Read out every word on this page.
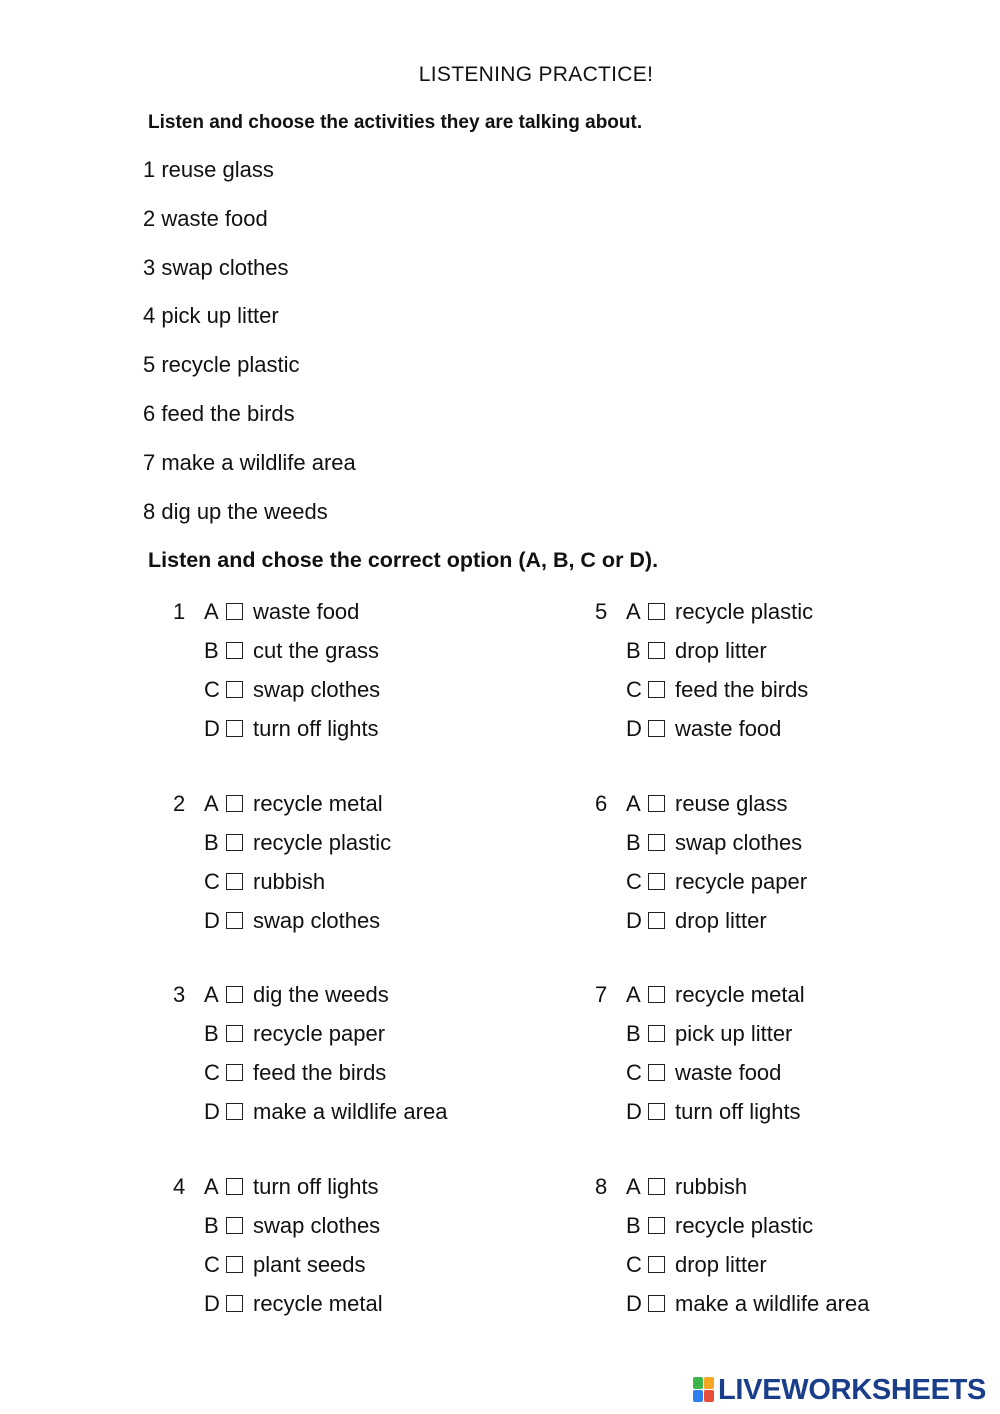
LISTENING PRACTICE!
Listen and choose the activities they are talking about.
1 reuse glass
2 waste food
3 swap clothes
4 pick up litter
5 recycle plastic
6 feed the birds
7 make a wildlife area
8 dig up the weeds
Listen and chose the correct option (A, B, C or D).
1 A waste food
B cut the grass
C swap clothes
D turn off lights
2 A recycle metal
B recycle plastic
C rubbish
D swap clothes
3 A dig the weeds
B recycle paper
C feed the birds
D make a wildlife area
4 A turn off lights
B swap clothes
C plant seeds
D recycle metal
5 A recycle plastic
B drop litter
C feed the birds
D waste food
6 A reuse glass
B swap clothes
C recycle paper
D drop litter
7 A recycle metal
B pick up litter
C waste food
D turn off lights
8 A rubbish
B recycle plastic
C drop litter
D make a wildlife area
LIVEWORKSHEETS
